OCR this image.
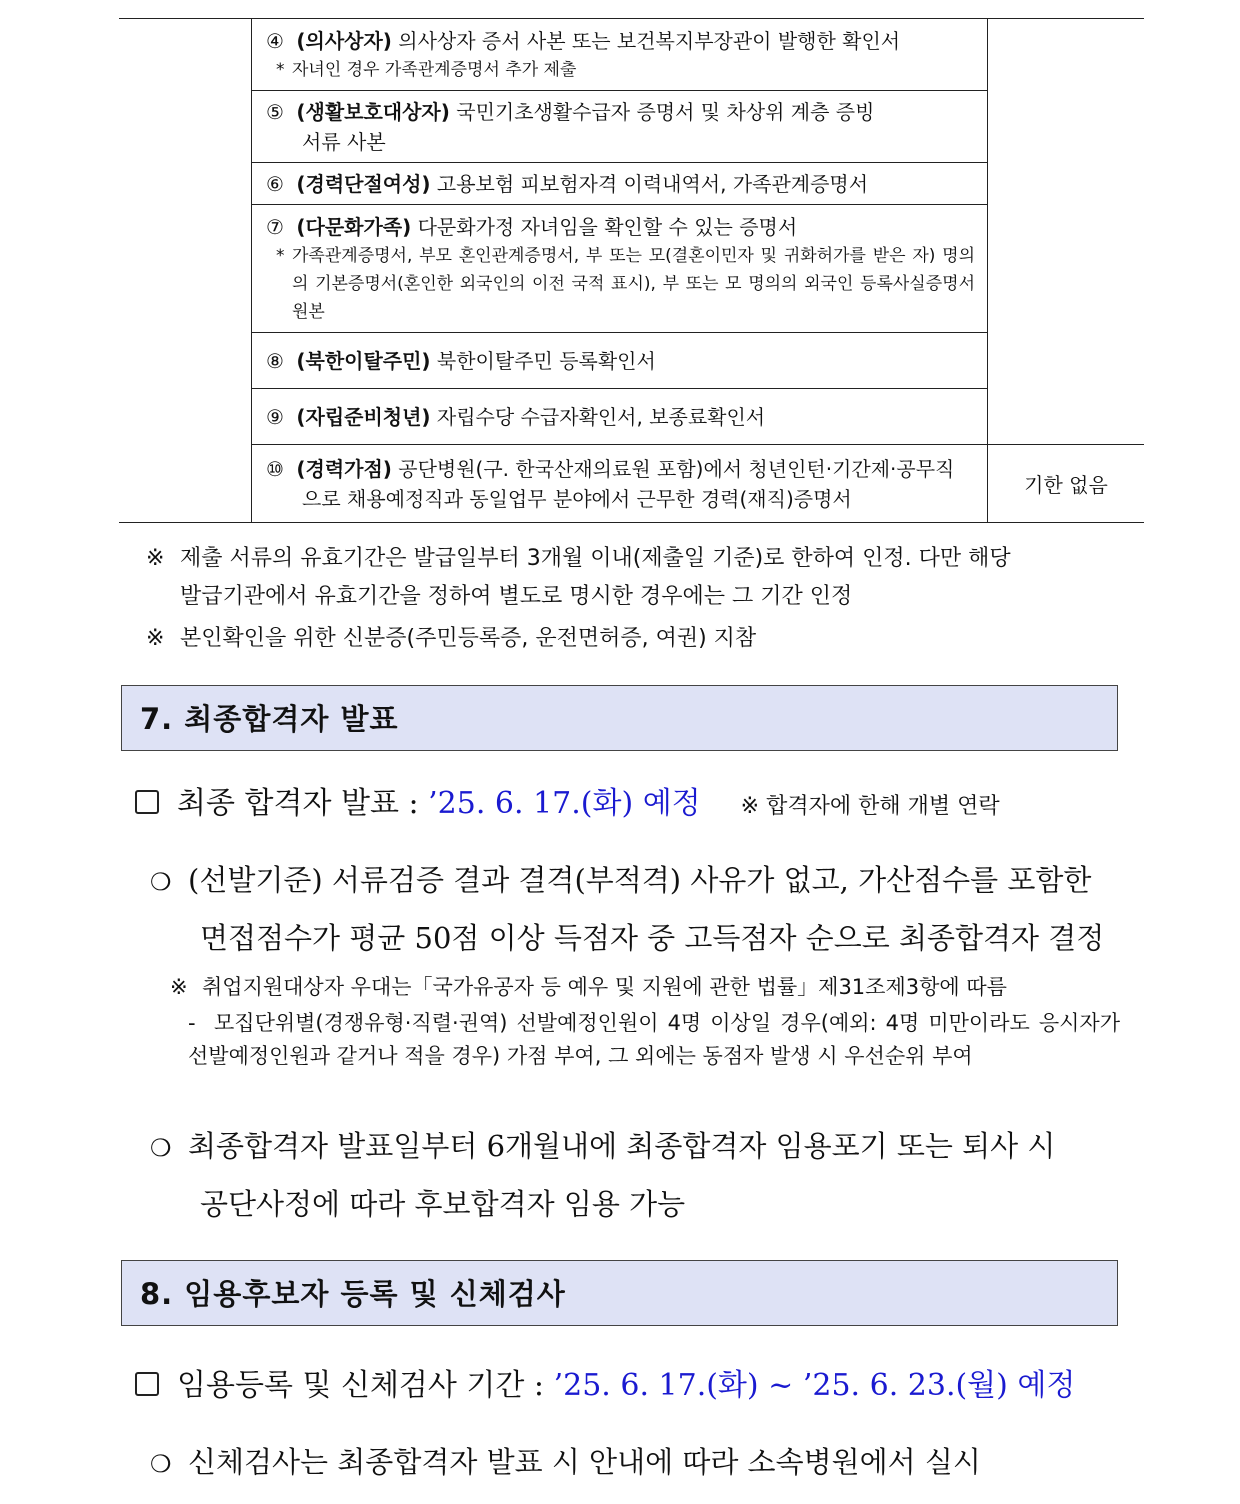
	④ (의사상자) 의사상자 증서 사본 또는 보건복지부장관이 발행한 확인서
* 자녀인 경우 가족관계증명서 추가 제출	

	⑤ (생활보호대상자) 국민기초생활수급자 증명서 및 차상위 계층 증빙
서류 사본	

	⑥ (경력단절여성) 고용보험 피보험자격 이력내역서, 가족관계증명서	

	⑦ (다문화가족) 다문화가정 자녀임을 확인할 수 있는 증명서
* 가족관계증명서, 부모 혼인관계증명서, 부 또는 모(결혼이민자 및 귀화허가를 받은 자) 명의의 기본증명서(혼인한 외국인의 이전 국적 표시), 부 또는 모 명의의 외국인 등록사실증명서 원본	

	⑧ (북한이탈주민) 북한이탈주민 등록확인서	

	⑨ (자립준비청년) 자립수당 수급자확인서, 보종료확인서	

	⑩ (경력가점) 공단병원(구. 한국산재의료원 포함)에서 청년인턴·기간제·공무직
으로 채용예정직과 동일업무 분야에서 근무한 경력(재직)증명서	기한 없음
※ 제출 서류의 유효기간은 발급일부터 3개월 이내(제출일 기준)로 한하여 인정. 다만 해당
발급기관에서 유효기간을 정하여 별도로 명시한 경우에는 그 기간 인정
※ 본인확인을 위한 신분증(주민등록증, 운전면허증, 여권) 지참
7. 최종합격자 발표
최종 합격자 발표 : ’25. 6. 17.(화) 예정 ※ 합격자에 한해 개별 연락
❍ (선발기준) 서류검증 결과 결격(부적격) 사유가 없고, 가산점수를 포함한
면접점수가 평균 50점 이상 득점자 중 고득점자 순으로 최종합격자 결정
※ 취업지원대상자 우대는「국가유공자 등 예우 및 지원에 관한 법률」제31조제3항에 따름
- 모집단위별(경쟁유형·직렬·권역) 선발예정인원이 4명 이상일 경우(예외: 4명 미만이라도 응시자가 선발예정인원과 같거나 적을 경우) 가점 부여, 그 외에는 동점자 발생 시 우선순위 부여
❍ 최종합격자 발표일부터 6개월내에 최종합격자 임용포기 또는 퇴사 시
공단사정에 따라 후보합격자 임용 가능
8. 임용후보자 등록 및 신체검사
임용등록 및 신체검사 기간 : ’25. 6. 17.(화) ~ ’25. 6. 23.(월) 예정
❍ 신체검사는 최종합격자 발표 시 안내에 따라 소속병원에서 실시
